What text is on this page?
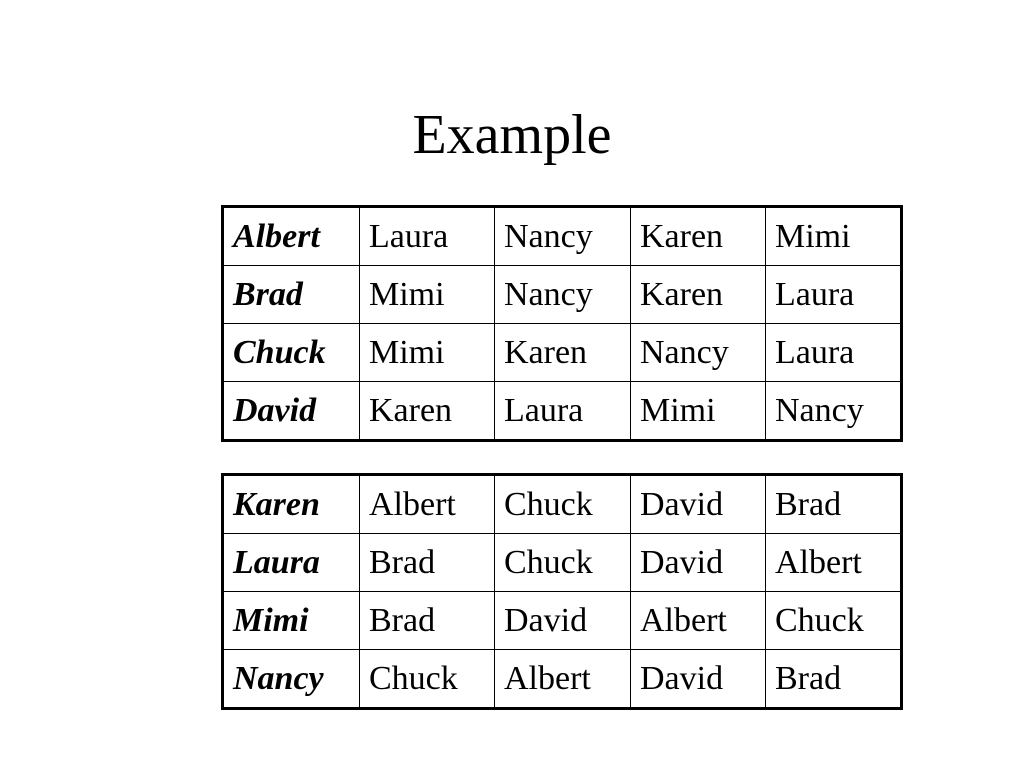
Example
Albert	Laura	Nancy	Karen	Mimi
Brad	Mimi	Nancy	Karen	Laura
Chuck	Mimi	Karen	Nancy	Laura
David	Karen	Laura	Mimi	Nancy
Karen	Albert	Chuck	David	Brad
Laura	Brad	Chuck	David	Albert
Mimi	Brad	David	Albert	Chuck
Nancy	Chuck	Albert	David	Brad
